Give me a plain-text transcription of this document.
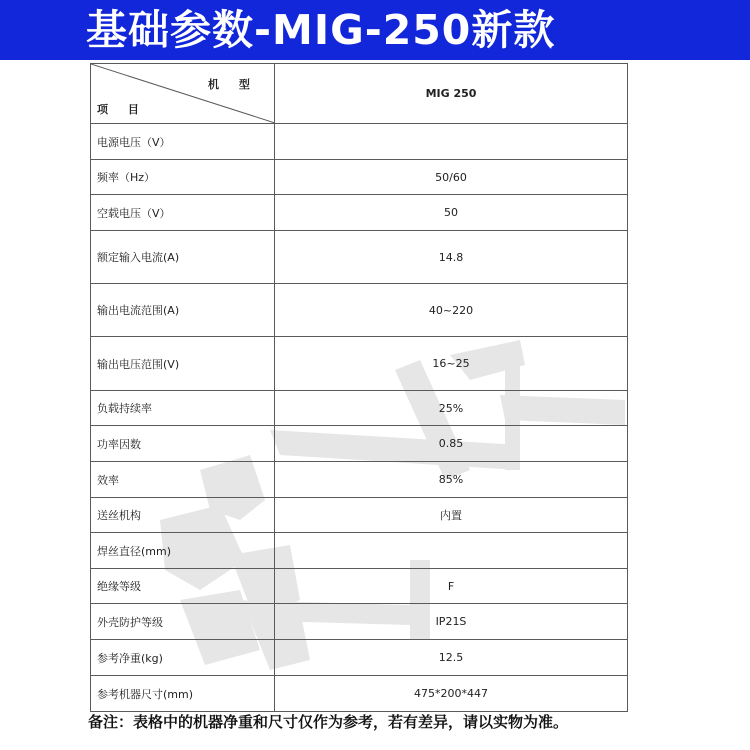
基础参数-MIG-250新款
机 型
项 目	MIG 250
电源电压（V）	
频率（Hz）	50/60
空载电压（V）	50
额定输入电流(A)	14.8
输出电流范围(A)	40~220
输出电压范围(V)	16~25
负载持续率	25%
功率因数	0.85
效率	85%
送丝机构	内置
焊丝直径(mm)	
绝缘等级	F
外壳防护等级	IP21S
参考净重(kg)	12.5
参考机器尺寸(mm)	475*200*447
备注：表格中的机器净重和尺寸仅作为参考，若有差异，请以实物为准。
